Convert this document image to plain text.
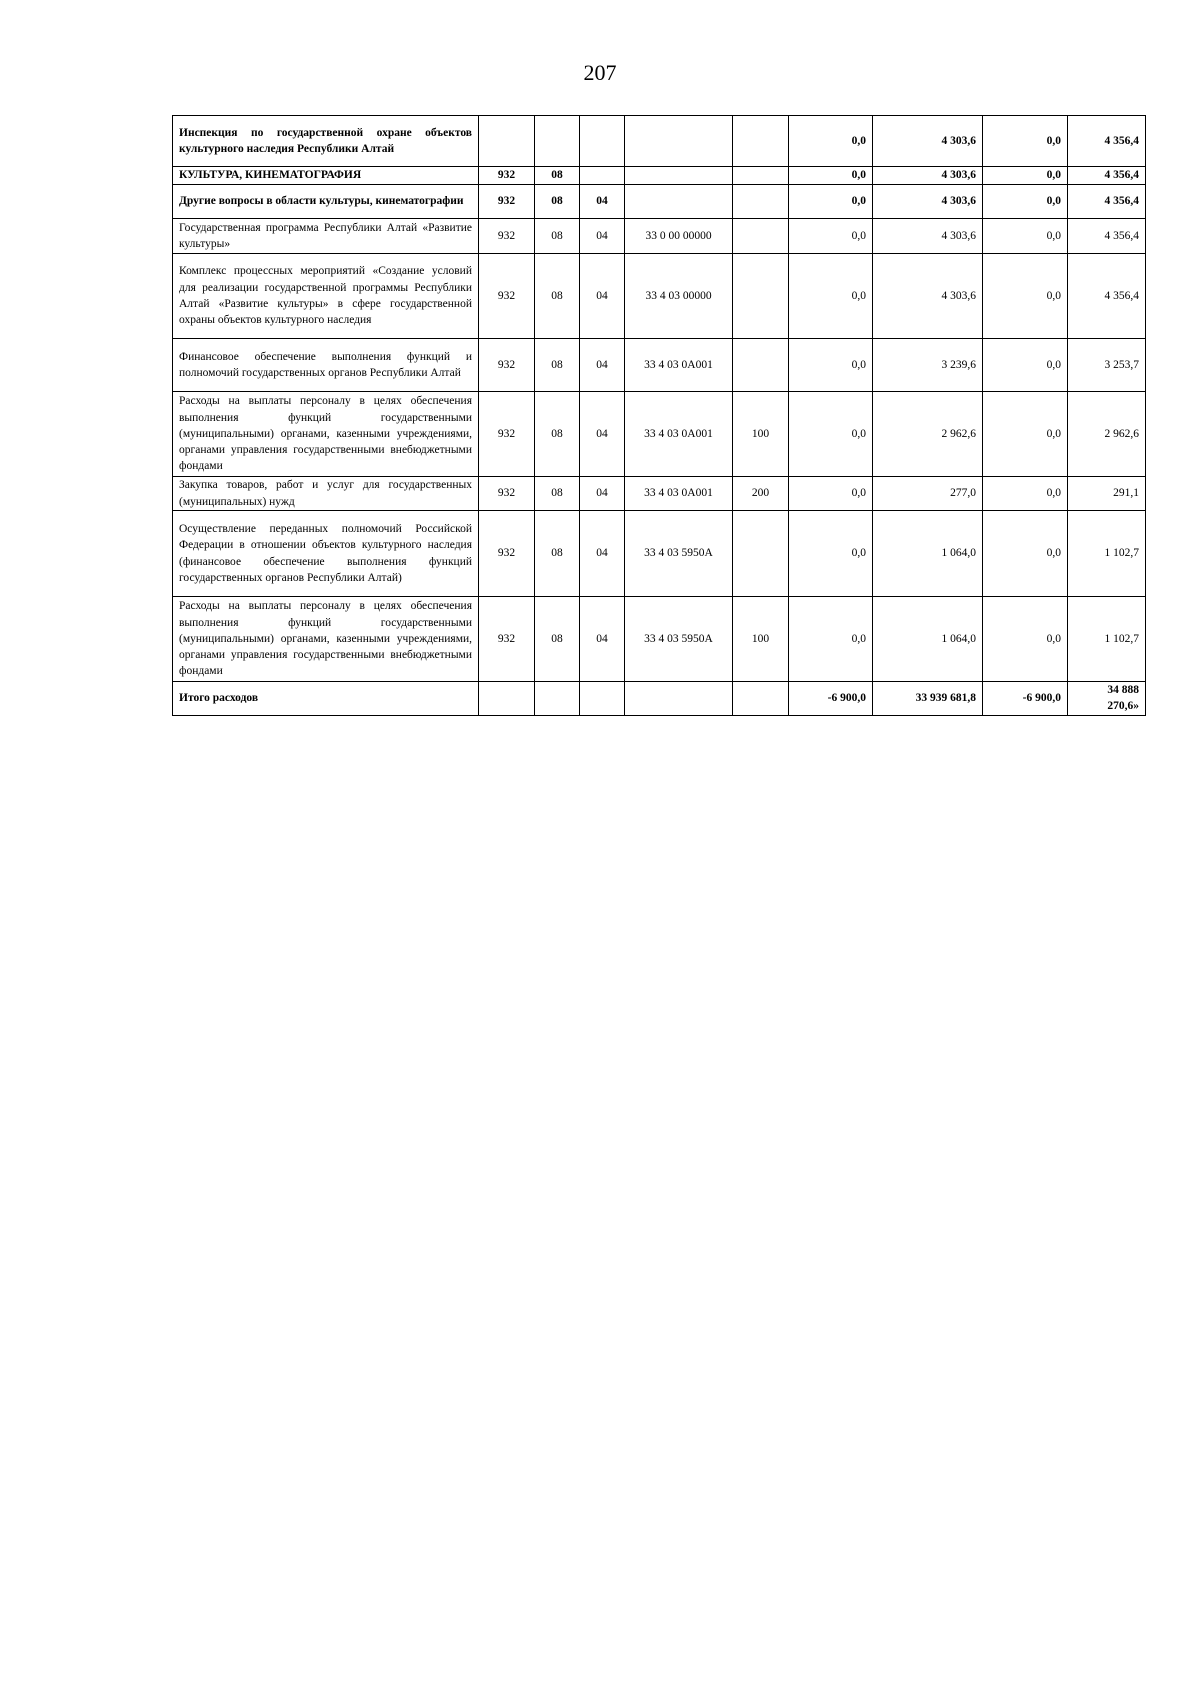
207
Инспекция по государственной охране объектов культурного наследия Республики Алтай						0,0	4 303,6	0,0	4 356,4
КУЛЬТУРА, КИНЕМАТОГРАФИЯ	932	08				0,0	4 303,6	0,0	4 356,4
Другие вопросы в области культуры, кинематографии	932	08	04			0,0	4 303,6	0,0	4 356,4
Государственная программа Республики Алтай «Развитие культуры»	932	08	04	33 0 00 00000		0,0	4 303,6	0,0	4 356,4
Комплекс процессных мероприятий «Создание условий для реализации государственной программы Республики Алтай «Развитие культуры» в сфере государственной охраны объектов культурного наследия	932	08	04	33 4 03 00000		0,0	4 303,6	0,0	4 356,4
Финансовое обеспечение выполнения функций и полномочий государственных органов Республики Алтай	932	08	04	33 4 03 0А001		0,0	3 239,6	0,0	3 253,7
Расходы на выплаты персоналу в целях обеспечения выполнения функций государственными (муниципальными) органами, казенными учреждениями, органами управления государственными внебюджетными фондами	932	08	04	33 4 03 0А001	100	0,0	2 962,6	0,0	2 962,6
Закупка товаров, работ и услуг для государственных (муниципальных) нужд	932	08	04	33 4 03 0А001	200	0,0	277,0	0,0	291,1
Осуществление переданных полномочий Российской Федерации в отношении объектов культурного наследия (финансовое обеспечение выполнения функций государственных органов Республики Алтай)	932	08	04	33 4 03 5950А		0,0	1 064,0	0,0	1 102,7
Расходы на выплаты персоналу в целях обеспечения выполнения функций государственными (муниципальными) органами, казенными учреждениями, органами управления государственными внебюджетными фондами	932	08	04	33 4 03 5950А	100	0,0	1 064,0	0,0	1 102,7
Итого расходов						-6 900,0	33 939 681,8	-6 900,0	34 888 270,6»
